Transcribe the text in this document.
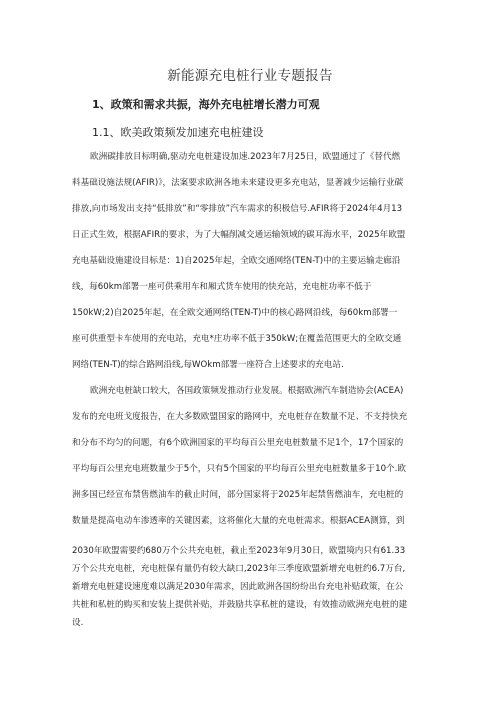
新能源充电桩行业专题报告
1、政策和需求共振，海外充电桩增长潜力可观
1.1、欧美政策频发加速充电桩建设
欧洲碳排放目标明确,驱动充电桩建设加速.2023年7月25日，欧盟通过了《替代燃
料基础设施法规(AFIR)》，法案要求欧洲各地未来建设更多充电站，显著减少运输行业碳
排放,向市场发出支持“低排放”和“零排放”汽车需求的积极信号.AFIR将于2024年4月13
日正式生效，根据AFIR的要求，为了大幅削减交通运输领域的碳耳海水平，2025年欧盟
充电基础设施建设目标是：1)自2025年起，全欧交通网络(TEN-T)中的主要运输走廊沿
线，每60km部署一座可供乘用车和厢式货车使用的快充站，充电桩功率不低于
150kW;2)自2025年起，在全欧交通网络(TEN-T)中的核心路网沿线，每60km部署一
座可供重型卡车使用的充电站，充电*庄功率不低于350kW;在覆盖范围更大的全欧交通
网络(TEN-T)的综合路网沿线,每WOkm部署一座符合上述要求的充电站.
欧洲充电桩缺口较大，各国政策频发推动行业发展。根据欧洲汽车制造协会(ACEA)
发布的充电班戈度报告，在大多数欧盟国家的路网中，充电桩存在数量不足、不支持快充
和分布不均匀的问题，有6个欧洲国家的平均每百公里充电桩数量不足1个，17个国家的
平均每百公里充电班数量少于5个，只有5个国家的平均每百公里充电桩数量多于10个.欧
洲多国已经宣布禁售燃油车的截止时间，部分国家将于2025年起禁售燃油车，充电桩的
数量是提高电动车渗透率的关键因素，这将催化大量的充电桩需求。根据ACEA测算，到
2030年欧盟需要约680万个公共充电桩，截止至2023年9月30日，欧盟境内只有61.33
万个公共充电桩，充电桩保有量仍有较大缺口,2023年三季度欧盟新增充电桩约6.7万台,
新增充电桩建设速度难以满足2030年需求，因此欧洲各国纷纷出台充电补贴政策，在公
共桩和私桩的购买和安装上提供补贴，并鼓励共享私桩的建设，有效推动欧洲充电桩的建
设.
